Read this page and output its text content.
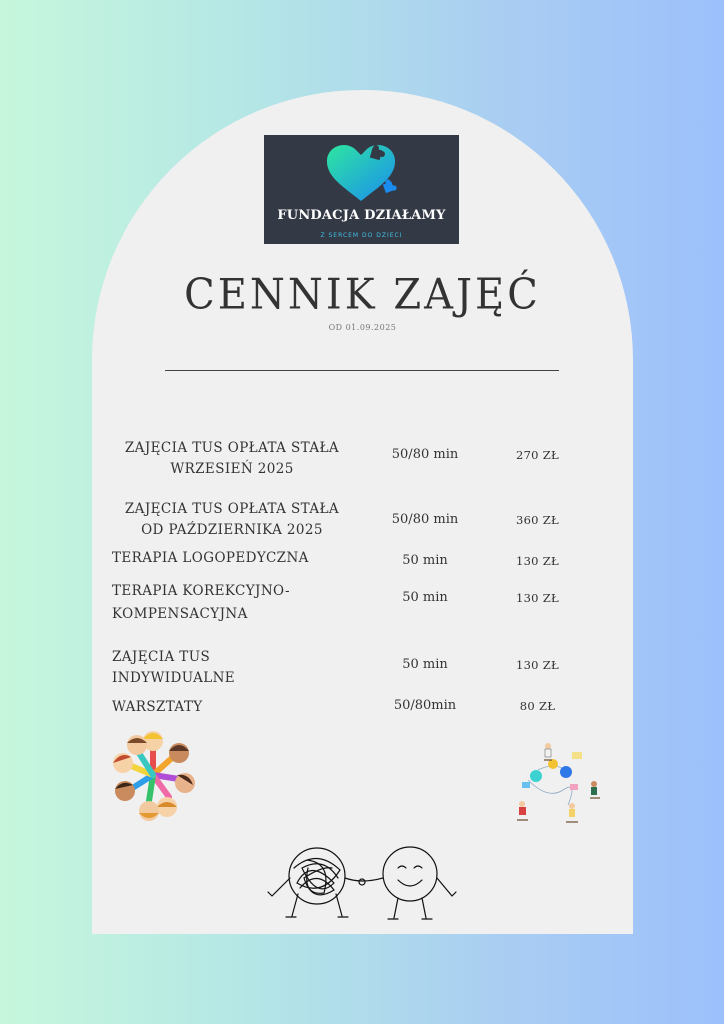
FUNDACJA DZIAŁAMY
Z SERCEM DO DZIECI
CENNIK ZAJĘĆ
OD 01.09.2025
ZAJĘCIA TUS OPŁATA STAŁA
WRZESIEŃ 2025
50/80 min	270 ZŁ
ZAJĘCIA TUS OPŁATA STAŁA
OD PAŹDZIERNIKA 2025
50/80 min	360 ZŁ
TERAPIA LOGOPEDYCZNA	50 min	130 ZŁ
TERAPIA KOREKCYJNO-
KOMPENSACYJNA
50 min	130 ZŁ
ZAJĘCIA TUS
INDYWIDUALNE
50 min	130 ZŁ
WARSZTATY	50/80min	80 ZŁ
